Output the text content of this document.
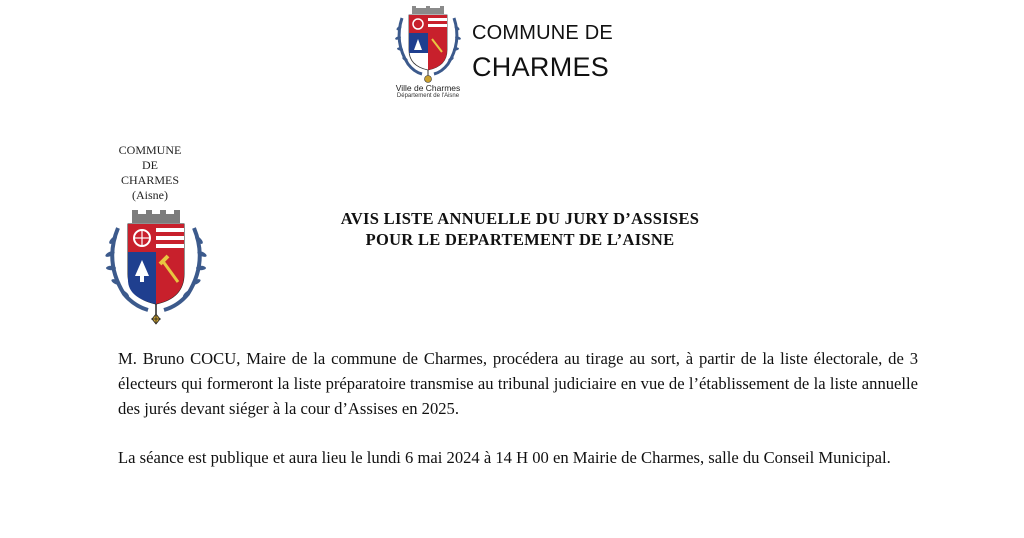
Ville de Charmes
Département de l'Aisne
COMMUNE DE
CHARMES
COMMUNE
DE
CHARMES
(Aisne)
AVIS LISTE ANNUELLE DU JURY D’ASSISES
POUR LE DEPARTEMENT DE L’AISNE
M. Bruno COCU, Maire de la commune de Charmes, procédera au tirage au sort, à partir de la liste électorale, de 3 électeurs qui formeront la liste préparatoire transmise au tribunal judiciaire en vue de l’établissement de la liste annuelle des jurés devant siéger à la cour d’Assises en 2025.
La séance est publique et aura lieu le lundi 6 mai 2024 à 14 H 00 en Mairie de Charmes, salle du Conseil Municipal.
